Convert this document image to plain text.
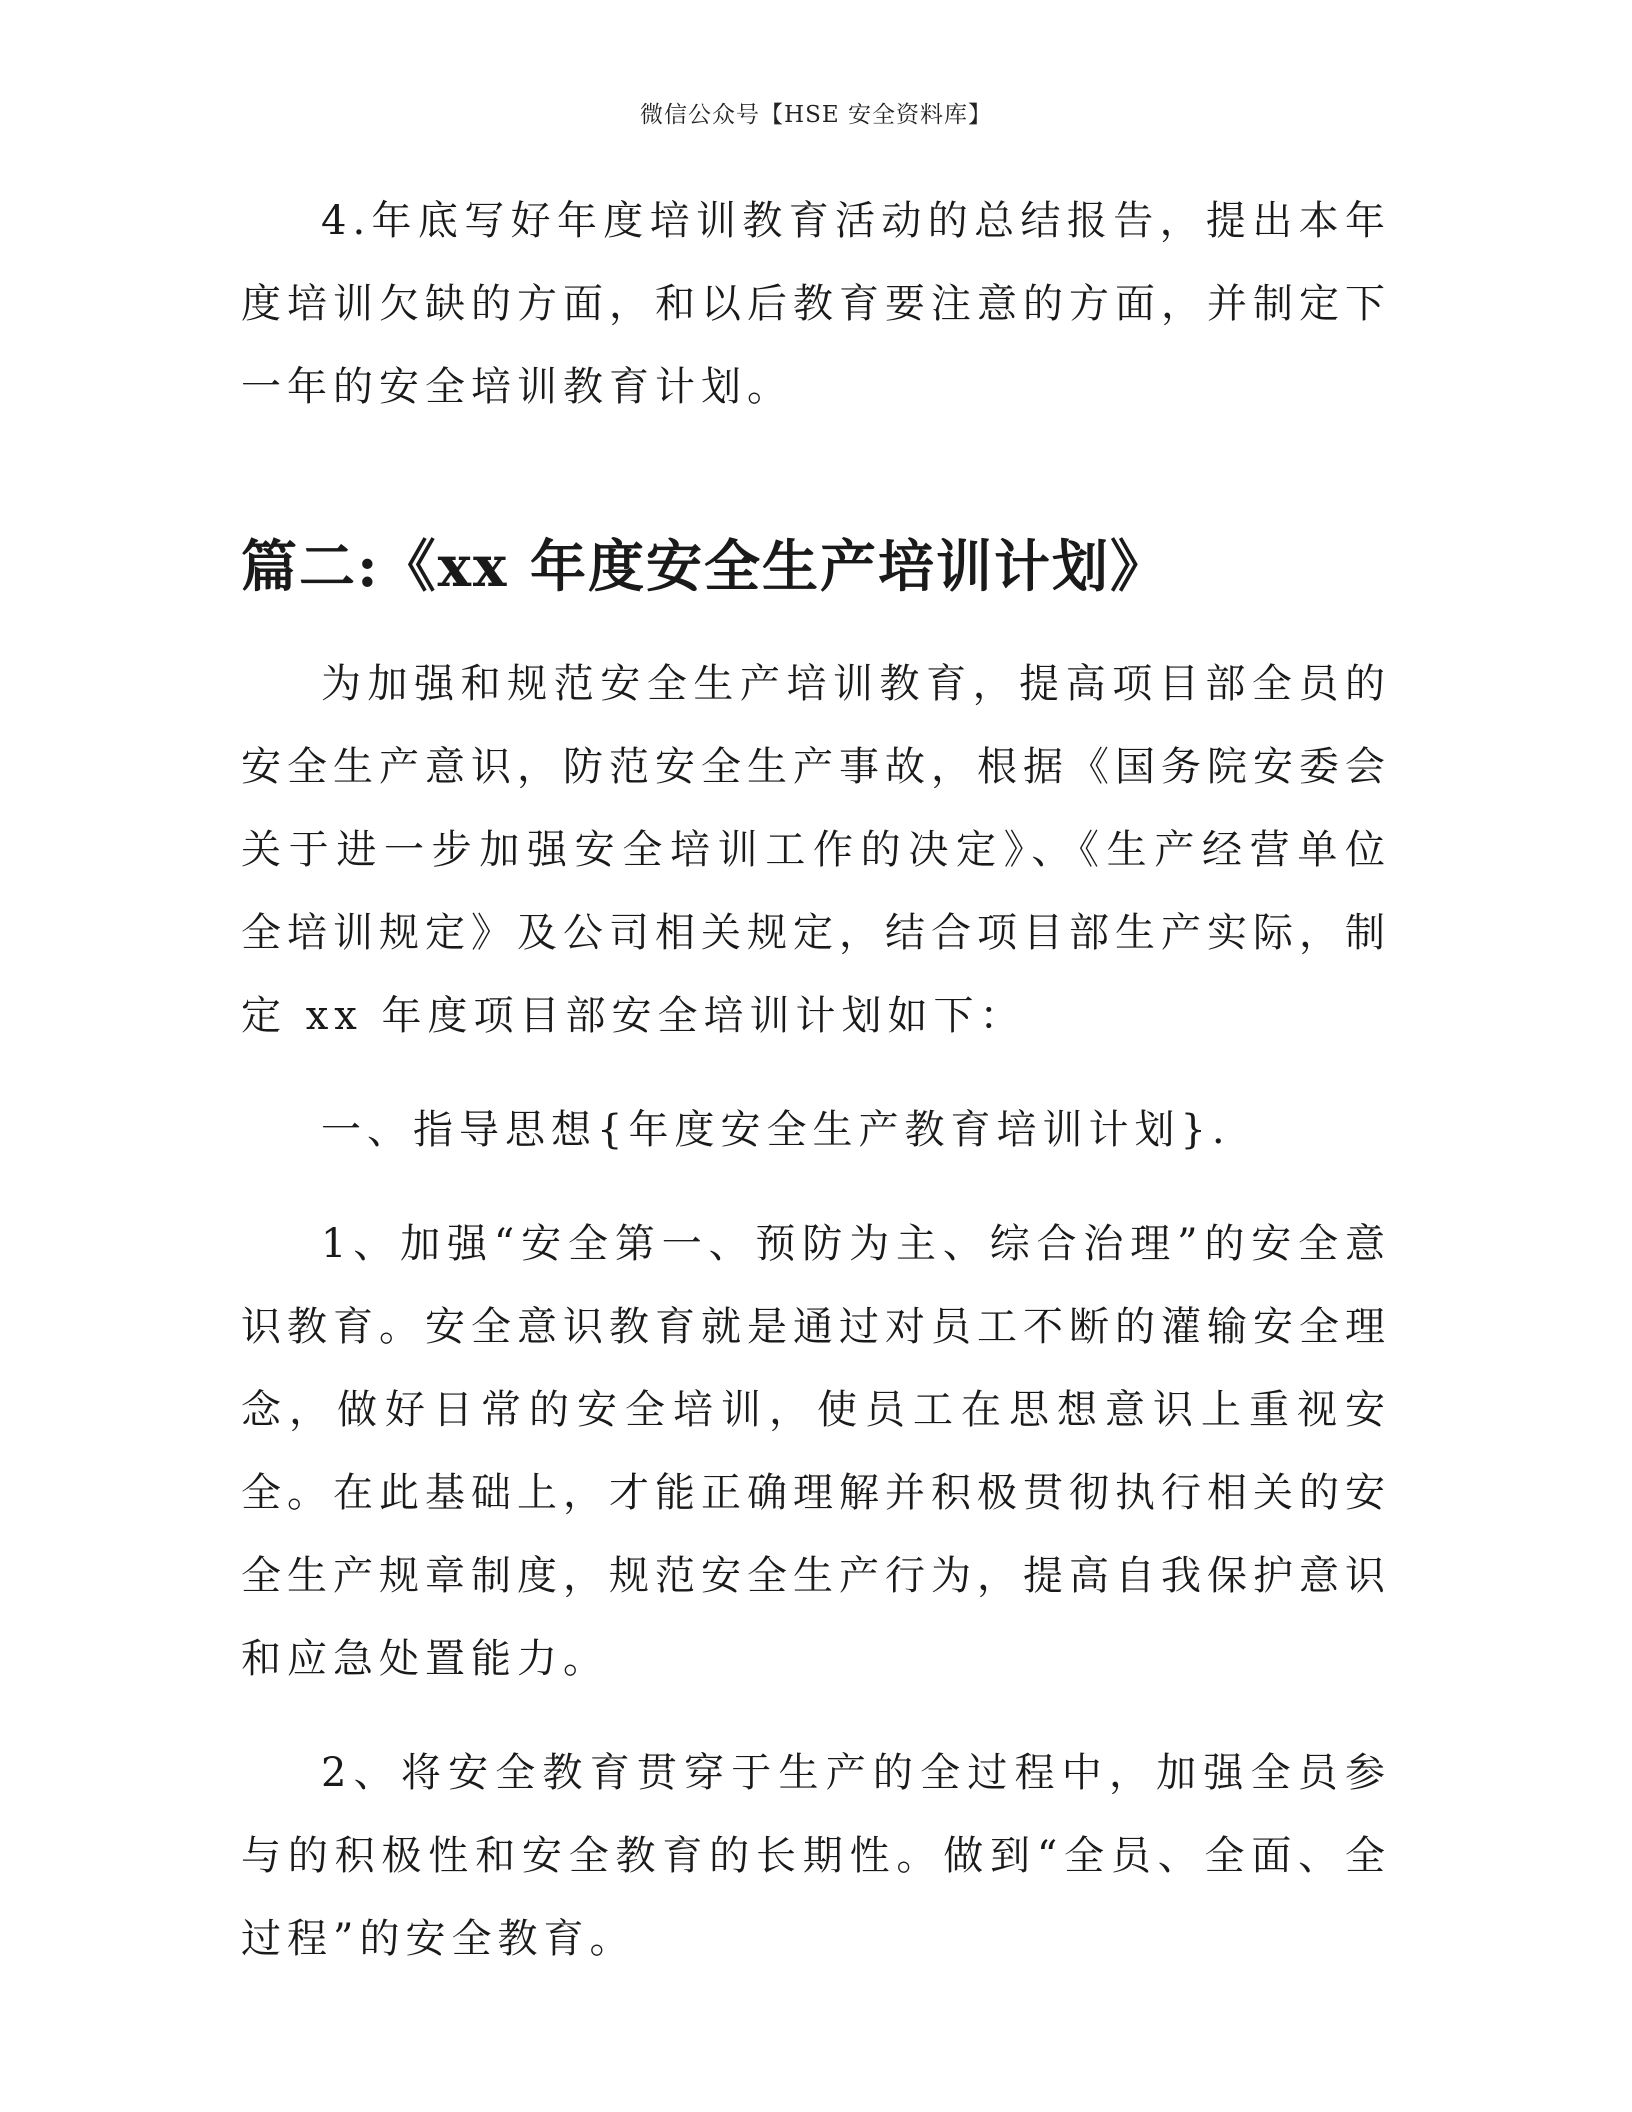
微信公众号【HSE 安全资料库】

4.年底写好年度培训教育活动的总结报告，提出本年度培训欠缺的方面，和以后教育要注意的方面，并制定下一年的安全培训教育计划。

篇二:《xx 年度安全生产培训计划》

为加强和规范安全生产培训教育，提高项目部全员的安全生产意识，防范安全生产事故，根据《国务院安委会关于进一步加强安全培训工作的决定》、《生产经营单位全培训规定》及公司相关规定，结合项目部生产实际，制定 xx 年度项目部安全培训计划如下：

一、指导思想{年度安全生产教育培训计划}.

1、加强“安全第一、预防为主、综合治理”的安全意识教育。安全意识教育就是通过对员工不断的灌输安全理念，做好日常的安全培训，使员工在思想意识上重视安全。在此基础上，才能正确理解并积极贯彻执行相关的安全生产规章制度，规范安全生产行为，提高自我保护意识和应急处置能力。

2、将安全教育贯穿于生产的全过程中，加强全员参与的积极性和安全教育的长期性。做到“全员、全面、全过程”的安全教育。
